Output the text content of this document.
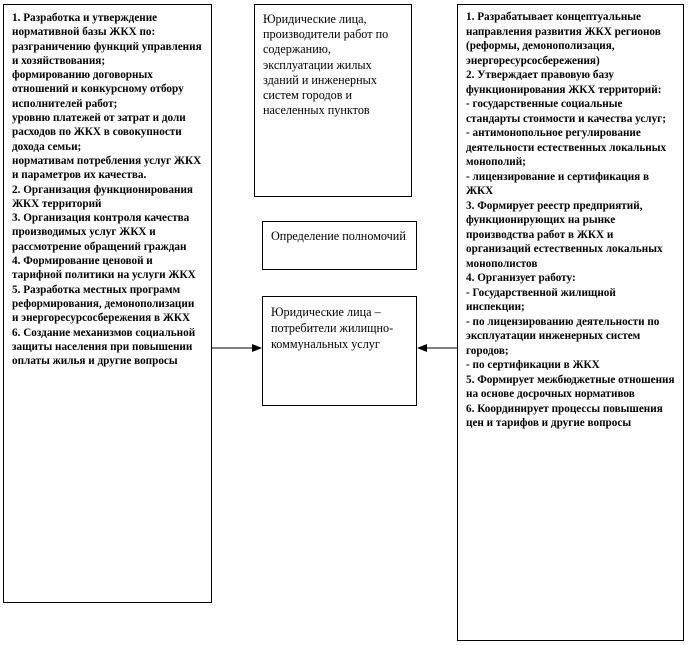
1. Разработка и утверждение нормативной базы ЖКХ по: разграничению функций управления и хозяйствования;

формированию договорных отношений и конкурсному отбору исполнителей работ;

уровню платежей от затрат и доли расходов по ЖКХ в совокупности дохода семьи;

нормативам потребления услуг ЖКХ и параметров их качества.

2. Организация функционирования ЖКХ территорий

3. Организация контроля качества производимых услуг ЖКХ и рассмотрение обращений граждан

4. Формирование ценовой и тарифной политики на услуги ЖКХ

5. Разработка местных программ реформирования, демонополизации и энергоресурсосбережения в ЖКХ

6. Создание механизмов социальной защиты населения при повышении оплаты жилья и другие вопросы

Юридические лица, производители работ по содержанию, эксплуатации жилых зданий и инженерных систем городов и населенных пунктов

Определение полномочий

Юридические лица – потребители жилищно-коммунальных услуг

1. Разрабатывает концептуальные направления развития ЖКХ регионов (реформы, демонополизация, энергоресурсосбережения)

2. Утверждает правовую базу функционирования ЖКХ территорий:

- государственные социальные стандарты стоимости и качества услуг;

- антимонопольное регулирование деятельности естественных локальных монополий;

- лицензирование и сертификация в ЖКХ

3. Формирует реестр предприятий, функционирующих на рынке производства работ в ЖКХ и организаций естественных локальных монополистов

4. Организует работу:

- Государственной жилищной инспекции;

- по лицензированию деятельности по эксплуатации инженерных систем городов;

- по сертификации в ЖКХ

5. Формирует межбюджетные отношения на основе досрочных нормативов

6. Координирует процессы повышения цен и тарифов и другие вопросы
